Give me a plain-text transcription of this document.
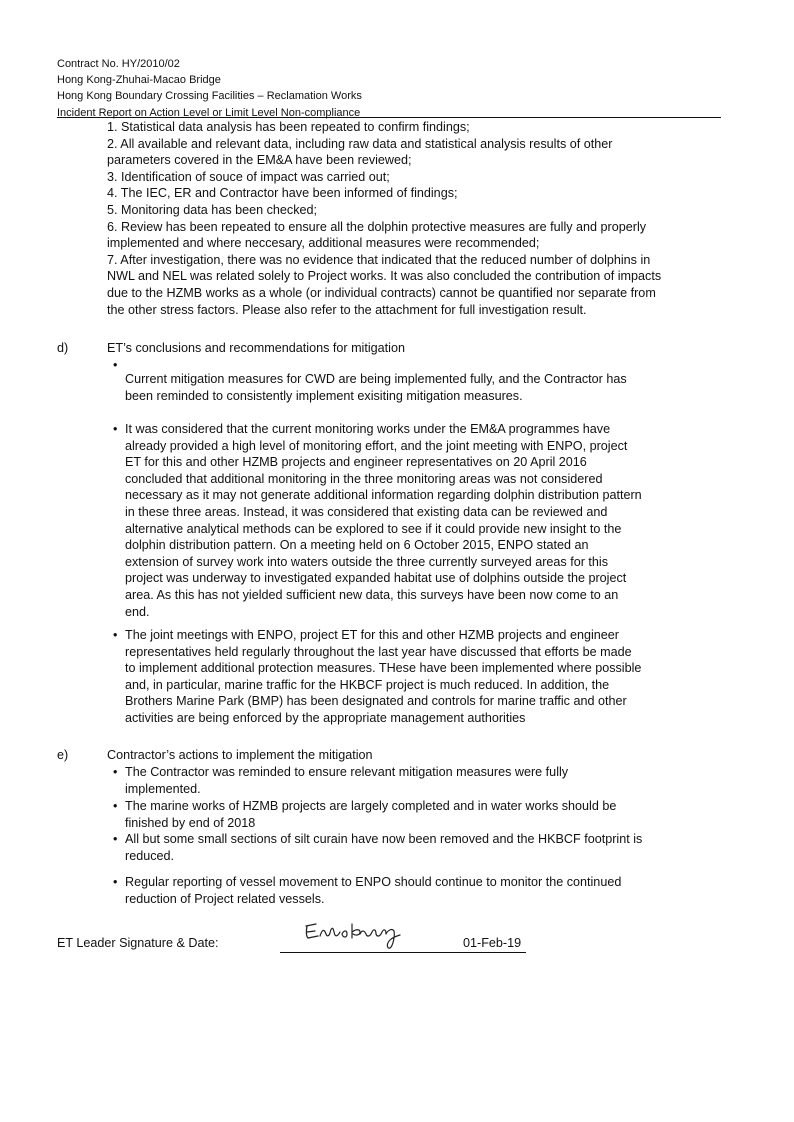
Contract No. HY/2010/02
Hong Kong-Zhuhai-Macao Bridge
Hong Kong Boundary Crossing Facilities – Reclamation Works
Incident Report on Action Level or Limit Level Non-compliance
1. Statistical data analysis has been repeated to confirm findings;
2. All available and relevant data, including raw data and statistical analysis results of other parameters covered in the EM&A have been reviewed;
3. Identification of souce of impact was carried out;
4. The IEC, ER and Contractor have been informed of findings;
5. Monitoring data has been checked;
6. Review has been repeated to ensure all the dolphin protective measures are fully and properly implemented and where neccesary, additional measures were recommended;
7. After investigation, there was no evidence that indicated that the reduced number of dolphins in NWL and NEL was related solely to Project works. It was also concluded the contribution of impacts due to the HZMB works as a whole (or individual contracts) cannot be quantified nor separate from the other stress factors. Please also refer to the attachment for full investigation result.
d)	ET’s conclusions and recommendations for mitigation
•
Current mitigation measures for CWD are being implemented fully, and the Contractor has been reminded to consistently implement exisiting mitigation measures.
• It was considered that the current monitoring works under the EM&A programmes have already provided a high level of monitoring effort, and the joint meeting with ENPO, project ET for this and other HZMB projects and engineer representatives on 20 April 2016 concluded that additional monitoring in the three monitoring areas was not considered necessary as it may not generate additional information regarding dolphin distribution pattern in these three areas. Instead, it was considered that existing data can be reviewed and alternative analytical methods can be explored to see if it could provide new insight to the dolphin distribution pattern. On a meeting held on 6 October 2015, ENPO stated an extension of survey work into waters outside the three currently surveyed areas for this project was underway to investigated expanded habitat use of dolphins outside the project area. As this has not yielded sufficient new data, this surveys have been now come to an end.
• The joint meetings with ENPO, project ET for this and other HZMB projects and engineer representatives held regularly throughout the last year have discussed that efforts be made to implement additional protection measures. THese have been implemented where possible and, in particular, marine traffic for the HKBCF project is much reduced. In addition, the Brothers Marine Park (BMP) has been designated and controls for marine traffic and other activities are being enforced by the appropriate management authorities
e)	Contractor’s actions to implement the mitigation
• The Contractor was reminded to ensure relevant mitigation measures were fully implemented.
• The marine works of HZMB projects are largely completed and in water works should be finished by end of 2018
• All but some small sections of silt curain have now been removed and the HKBCF footprint is reduced.
• Regular reporting of vessel movement to ENPO should continue to monitor the continued reduction of Project related vessels.
ET Leader Signature & Date:	01-Feb-19
